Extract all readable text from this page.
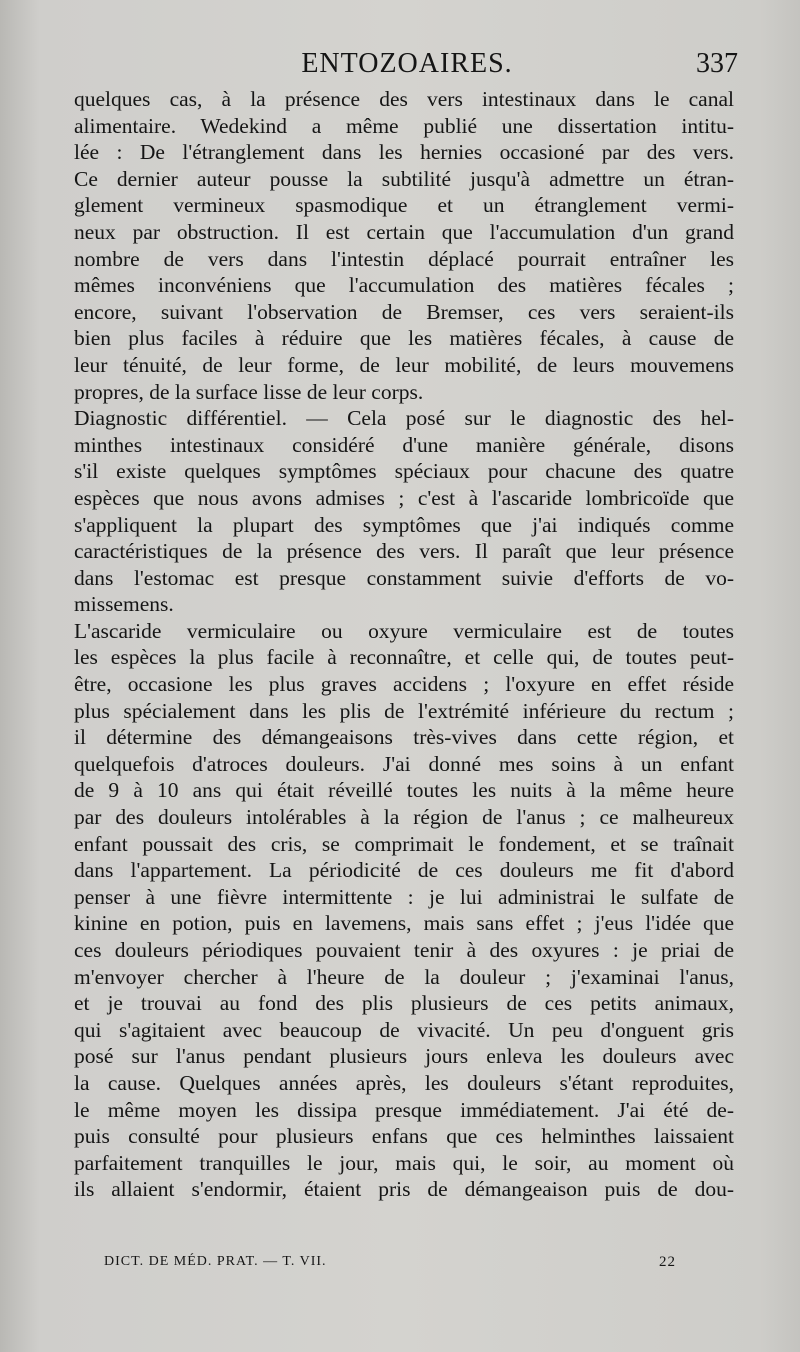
ENTOZOAIRES.	337
quelques cas, à la présence des vers intestinaux dans le canal
alimentaire. Wedekind a même publié une dissertation intitu-
lée : De l'étranglement dans les hernies occasioné par des vers.
Ce dernier auteur pousse la subtilité jusqu'à admettre un étran-
glement vermineux spasmodique et un étranglement vermi-
neux par obstruction. Il est certain que l'accumulation d'un grand
nombre de vers dans l'intestin déplacé pourrait entraîner les
mêmes inconvéniens que l'accumulation des matières fécales ;
encore, suivant l'observation de Bremser, ces vers seraient-ils
bien plus faciles à réduire que les matières fécales, à cause de
leur ténuité, de leur forme, de leur mobilité, de leurs mouvemens
propres, de la surface lisse de leur corps.
Diagnostic différentiel. — Cela posé sur le diagnostic des hel-
minthes intestinaux considéré d'une manière générale, disons
s'il existe quelques symptômes spéciaux pour chacune des quatre
espèces que nous avons admises ; c'est à l'ascaride lombricoïde que
s'appliquent la plupart des symptômes que j'ai indiqués comme
caractéristiques de la présence des vers. Il paraît que leur présence
dans l'estomac est presque constamment suivie d'efforts de vo-
missemens.
L'ascaride vermiculaire ou oxyure vermiculaire est de toutes
les espèces la plus facile à reconnaître, et celle qui, de toutes peut-
être, occasione les plus graves accidens ; l'oxyure en effet réside
plus spécialement dans les plis de l'extrémité inférieure du rectum ;
il détermine des démangeaisons très-vives dans cette région, et
quelquefois d'atroces douleurs. J'ai donné mes soins à un enfant
de 9 à 10 ans qui était réveillé toutes les nuits à la même heure
par des douleurs intolérables à la région de l'anus ; ce malheureux
enfant poussait des cris, se comprimait le fondement, et se traînait
dans l'appartement. La périodicité de ces douleurs me fit d'abord
penser à une fièvre intermittente : je lui administrai le sulfate de
kinine en potion, puis en lavemens, mais sans effet ; j'eus l'idée que
ces douleurs périodiques pouvaient tenir à des oxyures : je priai de
m'envoyer chercher à l'heure de la douleur ; j'examinai l'anus,
et je trouvai au fond des plis plusieurs de ces petits animaux,
qui s'agitaient avec beaucoup de vivacité. Un peu d'onguent gris
posé sur l'anus pendant plusieurs jours enleva les douleurs avec
la cause. Quelques années après, les douleurs s'étant reproduites,
le même moyen les dissipa presque immédiatement. J'ai été de-
puis consulté pour plusieurs enfans que ces helminthes laissaient
parfaitement tranquilles le jour, mais qui, le soir, au moment où
ils allaient s'endormir, étaient pris de démangeaison puis de dou-
DICT. DE MÉD. PRAT. — T. VII.	22
